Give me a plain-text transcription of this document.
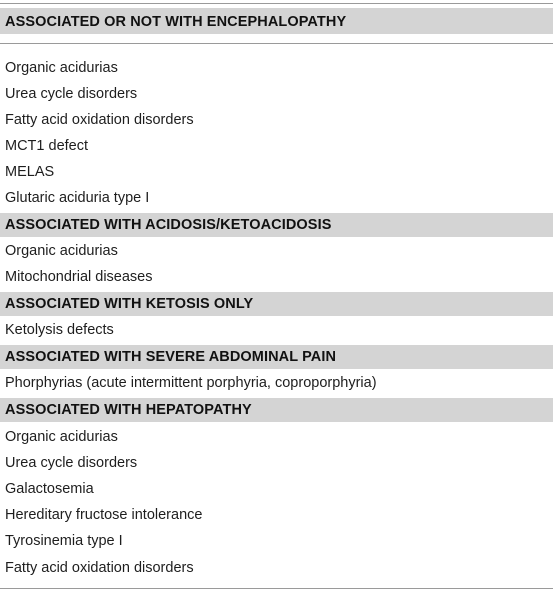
ASSOCIATED OR NOT WITH ENCEPHALOPATHY
Organic acidurias
Urea cycle disorders
Fatty acid oxidation disorders
MCT1 defect
MELAS
Glutaric aciduria type I
ASSOCIATED WITH ACIDOSIS/KETOACIDOSIS
Organic acidurias
Mitochondrial diseases
ASSOCIATED WITH KETOSIS ONLY
Ketolysis defects
ASSOCIATED WITH SEVERE ABDOMINAL PAIN
Phorphyrias (acute intermittent porphyria, coproporphyria)
ASSOCIATED WITH HEPATOPATHY
Organic acidurias
Urea cycle disorders
Galactosemia
Hereditary fructose intolerance
Tyrosinemia type I
Fatty acid oxidation disorders
